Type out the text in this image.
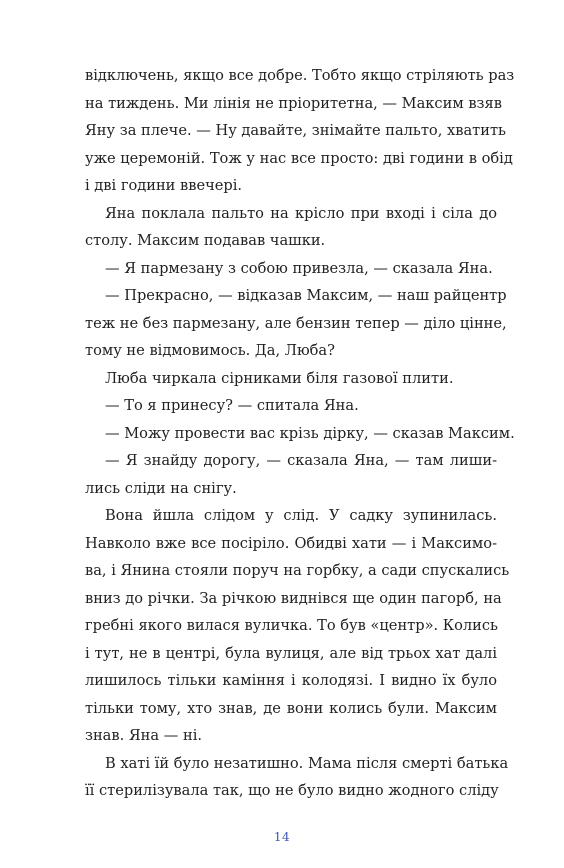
відключень, якщо все добре. Тобто якщо стріляють раз
на тиждень. Ми лінія не пріоритетна, — Максим взяв
Яну за плече. — Ну давайте, знімайте пальто, хватить
уже церемоній. Тож у нас все просто: дві години в обід
і дві години ввечері.

Яна поклала пальто на крісло при вході і сіла до
столу. Максим подавав чашки.

— Я пармезану з собою привезла, — сказала Яна.

— Прекрасно, — відказав Максим, — наш райцентр
теж не без пармезану, але бензин тепер — діло цінне,
тому не відмовимось. Да, Люба?

Люба чиркала сірниками біля газової плити.

— То я принесу? — спитала Яна.

— Можу провести вас крізь дірку, — сказав Максим.

— Я знайду дорогу, — сказала Яна, — там лиши-
лись сліди на снігу.

Вона йшла слідом у слід. У садку зупинилась.
Навколо вже все посіріло. Обидві хати — і Максимо-
ва, і Янина стояли поруч на горбку, а сади спускались
вниз до річки. За річкою виднівся ще один пагорб, на
гребні якого вилася вуличка. То був «центр». Колись
і тут, не в центрі, була вулиця, але від трьох хат далі
лишилось тільки каміння і колодязі. І видно їх було
тільки тому, хто знав, де вони колись були. Максим
знав. Яна — ні.

В хаті їй було незатишно. Мама після смерті батька
її стерилізувала так, що не було видно жодного сліду

14
